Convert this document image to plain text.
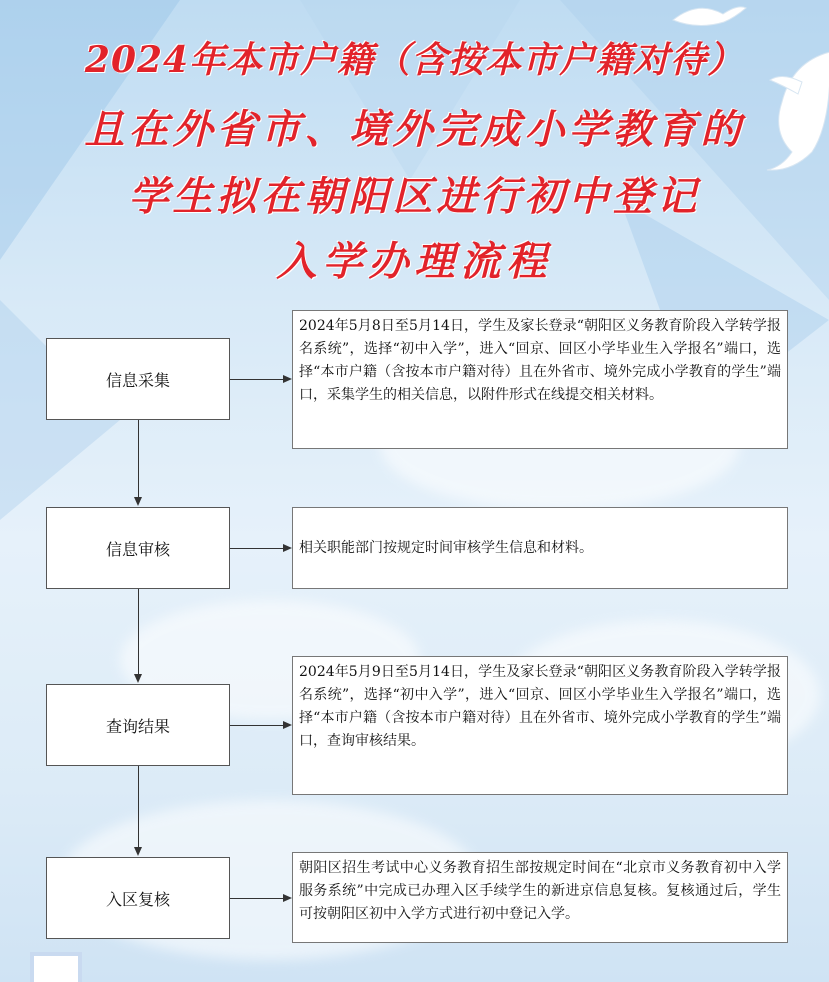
2024年本市户籍（含按本市户籍对待）
且在外省市、境外完成小学教育的
学生拟在朝阳区进行初中登记
入学办理流程
信息采集
2024年5月8日至5月14日，学生及家长登录“朝阳区义务教育阶段入学转学报名系统”，选择“初中入学”，进入“回京、回区小学毕业生入学报名”端口，选择“本市户籍（含按本市户籍对待）且在外省市、境外完成小学教育的学生”端口，采集学生的相关信息，以附件形式在线提交相关材料。
信息审核	相关职能部门按规定时间审核学生信息和材料。
查询结果
2024年5月9日至5月14日，学生及家长登录“朝阳区义务教育阶段入学转学报名系统”，选择“初中入学”，进入“回京、回区小学毕业生入学报名”端口，选择“本市户籍（含按本市户籍对待）且在外省市、境外完成小学教育的学生”端口，查询审核结果。
入区复核
朝阳区招生考试中心义务教育招生部按规定时间在“北京市义务教育初中入学服务系统”中完成已办理入区手续学生的新进京信息复核。复核通过后，学生可按朝阳区初中入学方式进行初中登记入学。
